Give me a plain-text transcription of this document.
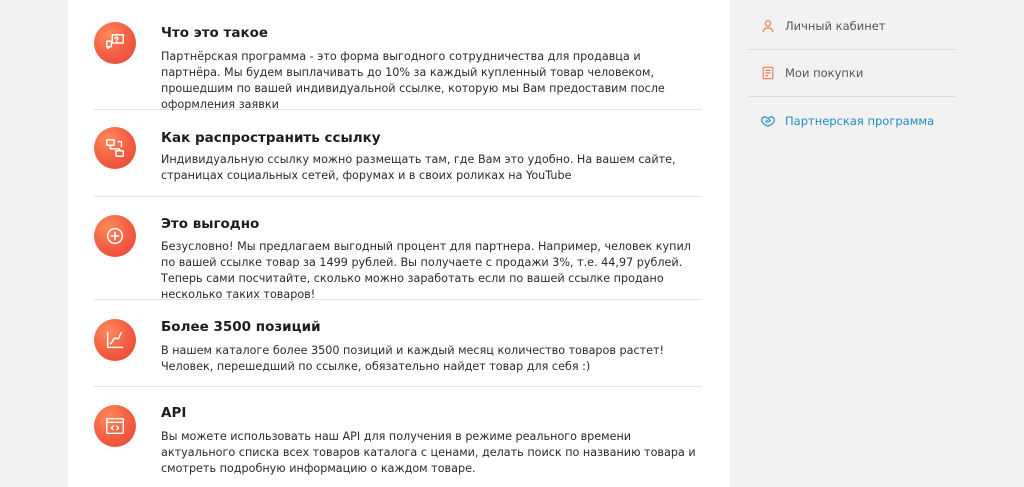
Что это такое
Партнёрская программа - это форма выгодного сотрудничества для продавца и партнёра. Мы будем выплачивать до 10% за каждый купленный товар человеком, прошедшим по вашей индивидуальной ссылке, которую мы Вам предоставим после оформления заявки
Как распространить ссылку
Индивидуальную ссылку можно размещать там, где Вам это удобно. На вашем сайте, страницах социальных сетей, форумах и в своих роликах на YouTube
Это выгодно
Безусловно! Мы предлагаем выгодный процент для партнера. Например, человек купил по вашей ссылке товар за 1499 рублей. Вы получаете с продажи 3%, т.е. 44,97 рублей. Теперь сами посчитайте, сколько можно заработать если по вашей ссылке продано несколько таких товаров!
Более 3500 позиций
В нашем каталоге более 3500 позиций и каждый месяц количество товаров растет! Человек, перешедший по ссылке, обязательно найдет товар для себя :)
API
Вы можете использовать наш API для получения в режиме реального времени актуального списка всех товаров каталога с ценами, делать поиск по названию товара и смотреть подробную информацию о каждом товаре.
Личный кабинет
Мои покупки
Партнерская программа
